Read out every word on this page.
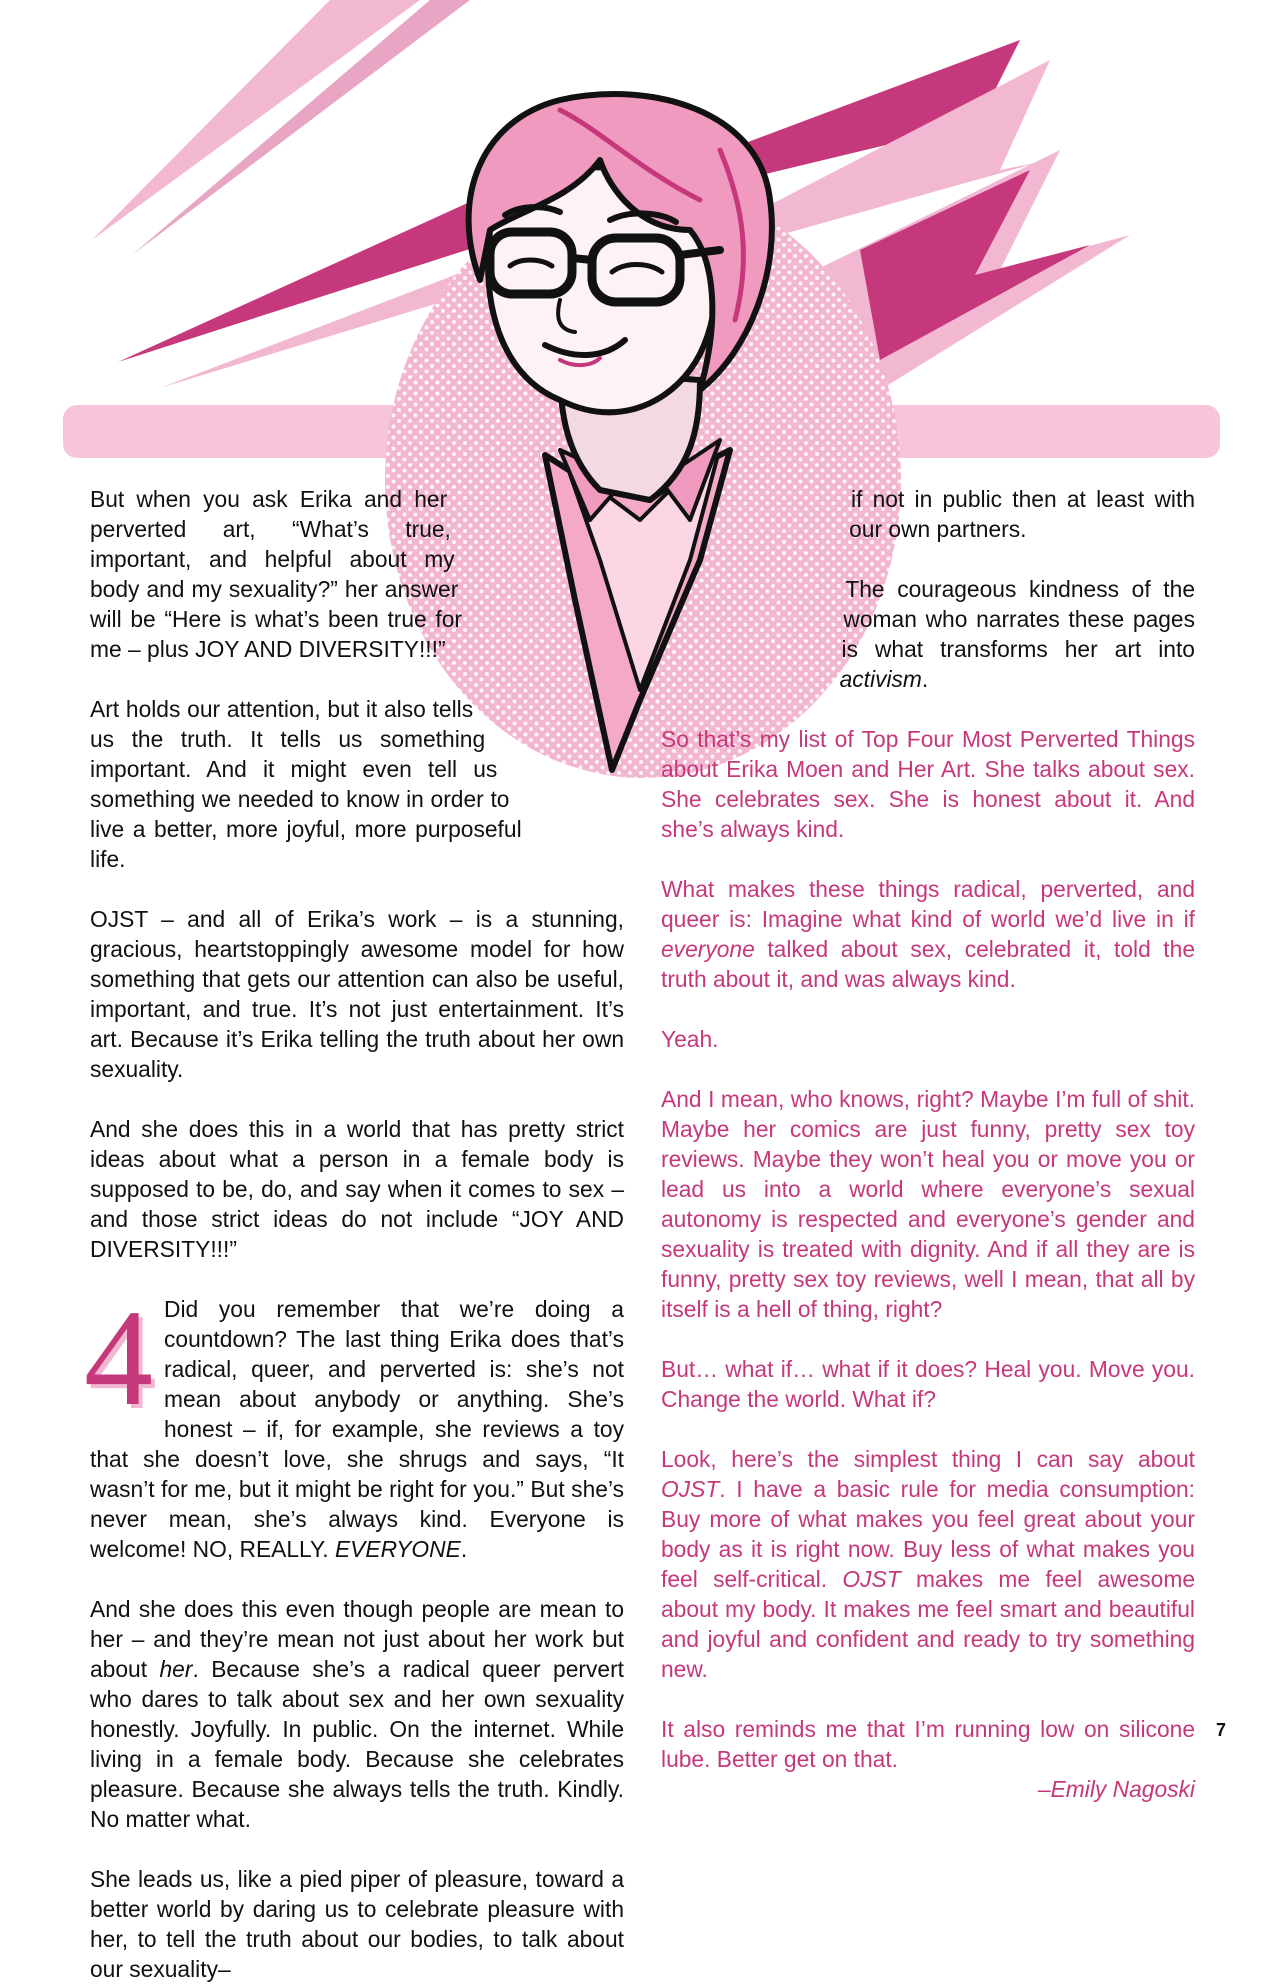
But when you ask Erika and her perverted art, “What’s true, important, and helpful about my body and my sexuality?” her answer will be “Here is what’s been true for me – plus JOY AND DIVERSITY!!!”

Art holds our attention, but it also tells us the truth. It tells us something important. And it might even tell us something we needed to know in order to live a better, more joyful, more purposeful life.

OJST – and all of Erika’s work – is a stunning, gracious, heartstoppingly awesome model for how something that gets our attention can also be useful, important, and true. It’s not just entertainment. It’s art. Because it’s Erika telling the truth about her own sexuality.

And she does this in a world that has pretty strict ideas about what a person in a female body is supposed to be, do, and say when it comes to sex – and those strict ideas do not include “JOY AND DIVERSITY!!!”

4 Did you remember that we’re doing a countdown? The last thing Erika does that’s radical, queer, and perverted is: she’s not mean about anybody or anything. She’s honest – if, for example, she reviews a toy that she doesn’t love, she shrugs and says, “It wasn’t for me, but it might be right for you.” But she’s never mean, she’s always kind. Everyone is welcome! NO, REALLY. EVERYONE.

And she does this even though people are mean to her – and they’re mean not just about her work but about her. Because she’s a radical queer pervert who dares to talk about sex and her own sexuality honestly. Joyfully. In public. On the internet. While living in a female body. Because she celebrates pleasure. Because she always tells the truth. Kindly. No matter what.

She leads us, like a pied piper of pleasure, toward a better world by daring us to celebrate pleasure with her, to tell the truth about our bodies, to talk about our sexuality–

if not in public then at least with our own partners.

The courageous kindness of the woman who narrates these pages is what transforms her art into activism.

So that’s my list of Top Four Most Perverted Things about Erika Moen and Her Art. She talks about sex. She celebrates sex. She is honest about it. And she’s always kind.

What makes these things radical, perverted, and queer is: Imagine what kind of world we’d live in if everyone talked about sex, celebrated it, told the truth about it, and was always kind.

Yeah.

And I mean, who knows, right? Maybe I’m full of shit. Maybe her comics are just funny, pretty sex toy reviews. Maybe they won’t heal you or move you or lead us into a world where everyone’s sexual autonomy is respected and everyone’s gender and sexuality is treated with dignity. And if all they are is funny, pretty sex toy reviews, well I mean, that all by itself is a hell of thing, right?

But… what if… what if it does? Heal you. Move you. Change the world. What if?

Look, here’s the simplest thing I can say about OJST. I have a basic rule for media consumption: Buy more of what makes you feel great about your body as it is right now. Buy less of what makes you feel self-critical. OJST makes me feel awesome about my body. It makes me feel smart and beautiful and joyful and confident and ready to try something new.

It also reminds me that I’m running low on silicone lube. Better get on that.

–Emily Nagoski
7
